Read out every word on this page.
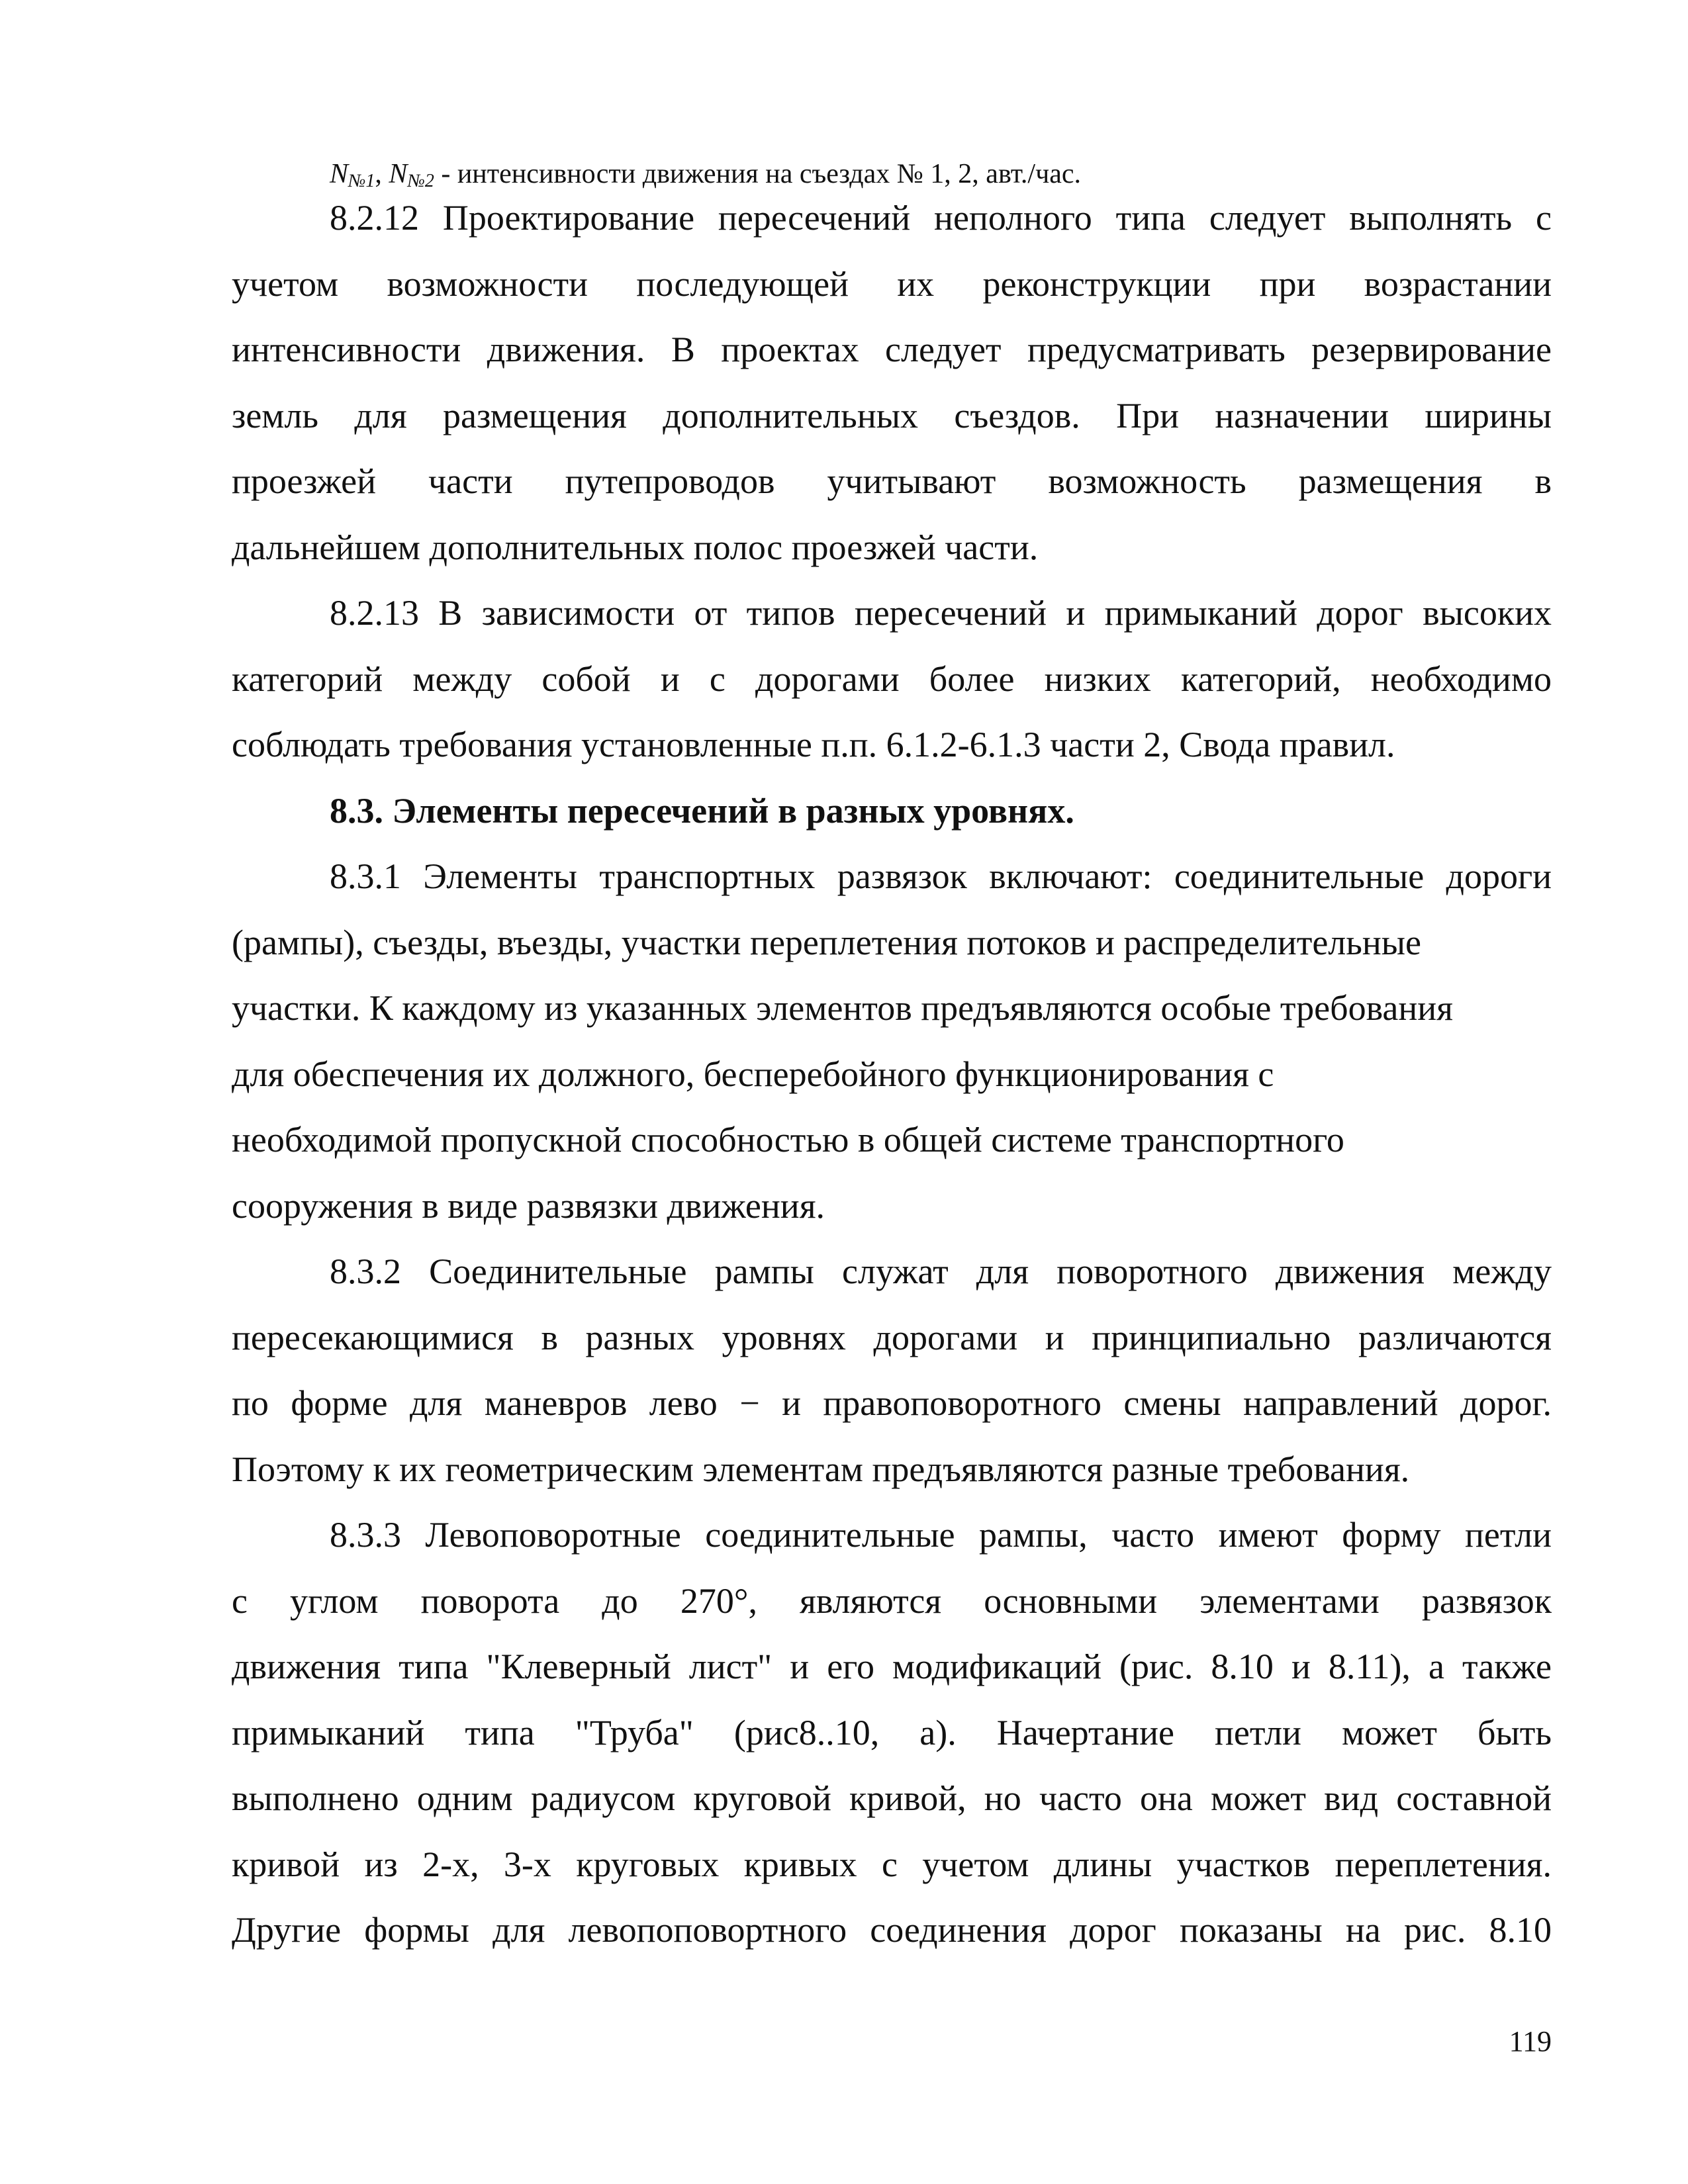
$N_{№1}$, $N_{№2}$ - интенсивности движения на съездах № 1, 2, авт./час.
8.2.12 Проектирование пересечений неполного типа следует выполнять с
учетом возможности последующей их реконструкции при возрастании
интенсивности движения. В проектах следует предусматривать резервирование
земль для размещения дополнительных съездов. При назначении ширины
проезжей части путепроводов учитывают возможность размещения в
дальнейшем дополнительных полос проезжей части.
8.2.13 В зависимости от типов пересечений и примыканий дорог высоких
категорий между собой и с дорогами более низких категорий, необходимо
соблюдать требования установленные п.п. 6.1.2-6.1.3 части 2, Свода правил.
8.3. Элементы пересечений в разных уровнях.
8.3.1 Элементы транспортных развязок включают: соединительные дороги
(рампы), съезды, въезды, участки переплетения потоков и распределительные
участки. К каждому из указанных элементов предъявляются особые требования
для обеспечения их должного, бесперебойного функционирования с
необходимой пропускной способностью в общей системе транспортного
сооружения в виде развязки движения.
8.3.2 Соединительные рампы служат для поворотного движения между
пересекающимися в разных уровнях дорогами и принципиально различаются
по форме для маневров лево − и правоповоротного смены направлений дорог.
Поэтому к их геометрическим элементам предъявляются разные требования.
8.3.3 Левоповоротные соединительные рампы, часто имеют форму петли
с углом поворота до 270°, являются основными элементами развязок
движения типа "Клеверный лист" и его модификаций (рис. 8.10 и 8.11), а также
примыканий типа "Труба" (рис8..10, а). Начертание петли может быть
выполнено одним радиусом круговой кривой, но часто она может вид составной
кривой из 2-х, 3-х круговых кривых с учетом длины участков переплетения.
Другие формы для левопоповортного соединения дорог показаны на рис. 8.10
119
